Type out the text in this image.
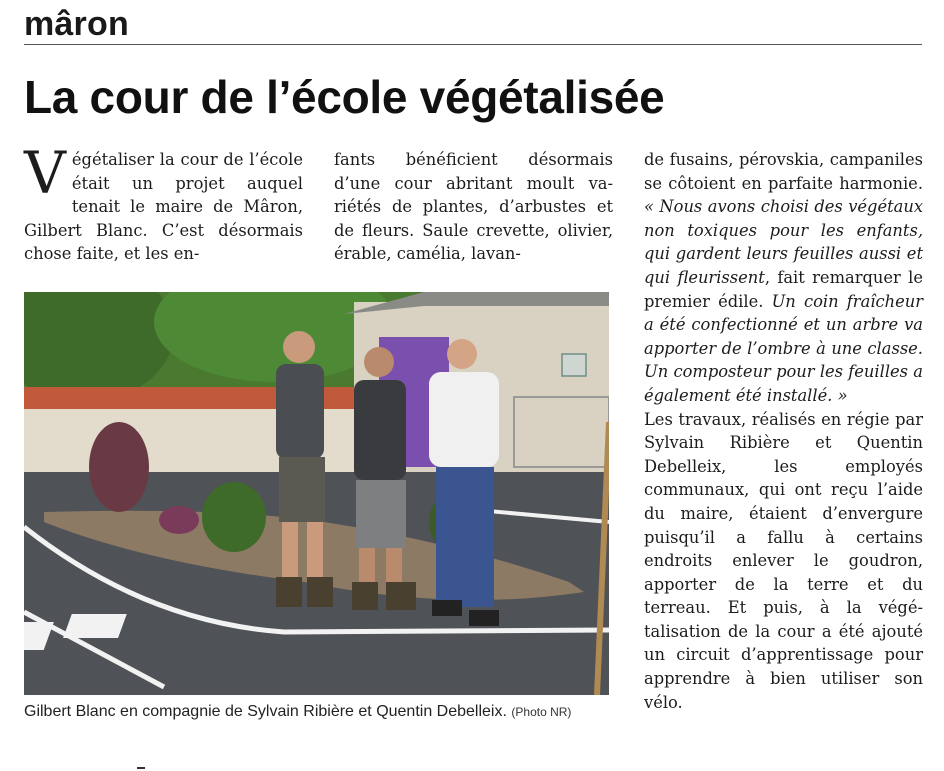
mâron
La cour de l’école végétalisée
V égétaliser la cour de l’école était un projet auquel tenait le maire de Mâron, Gilbert Blanc. C’est désormais chose faite, et les en-

fants bénéficient désormais d’une cour abritant moult variétés de plantes, d’arbustes et de fleurs. Saule crevette, olivier, érable, camélia, lavan-

de fusains, pérovskia, campaniles se côtoient en parfaite harmonie. « Nous avons choisi des végétaux non toxiques pour les enfants, qui gardent leurs feuilles aussi et qui fleurissent, fait remarquer le premier édile. Un coin fraîcheur a été confectionné et un arbre va apporter de l’ombre à une classe. Un composteur pour les feuilles a également été installé. »

Les travaux, réalisés en régie par Sylvain Ribière et Quentin Debelleix, les employés communaux, qui ont reçu l’aide du maire, étaient d’envergure puisqu’il a fallu à certains endroits enlever le goudron, apporter de la terre et du terreau. Et puis, à la végétalisation de la cour a été ajouté un circuit d’apprentissage pour apprendre à bien utiliser son vélo.

Gilbert Blanc en compagnie de Sylvain Ribière et Quentin Debelleix. (Photo NR)
